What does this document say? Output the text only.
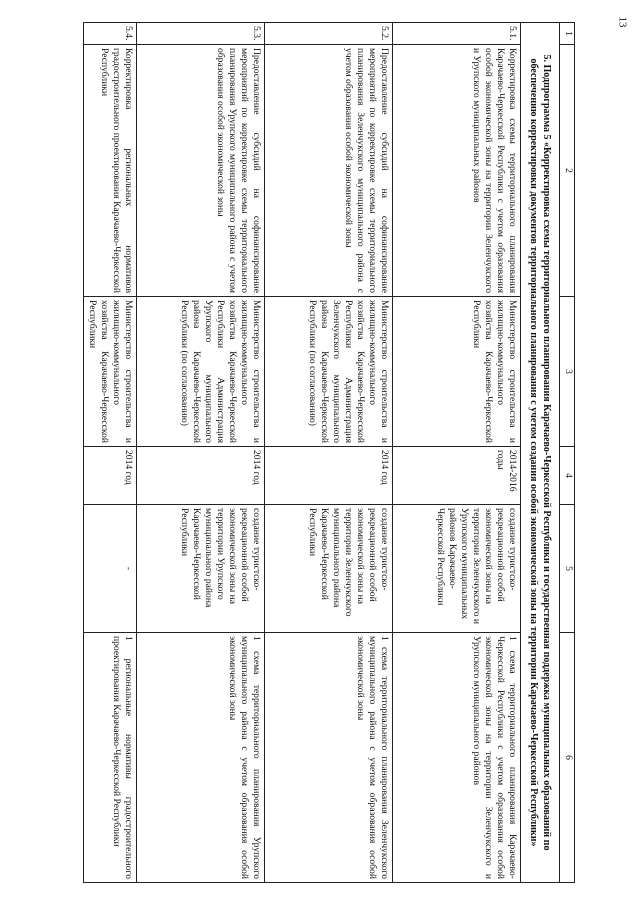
13
1	2	3	4	5	6
5. Подпрограмма 5 «Корректировка схемы территориального планирования Карачаево-Черкесской Республики и государственная поддержка муниципальных образований по обеспечению корректировки документов территориального планирования с учетом создания особой экономической зоны на территории Карачаево-Черкесской Республики»					
5.1.	Корректировка схемы территориального планирования Карачаево-Черкесской Республики с учетом образования особой экономической зоны на территории Зеленчукского и Урупского муниципальных районов	Министерство строительства и жилищно-коммунального хозяйства Карачаево-Черкесской Республики	2014-2016 годы	создание туристско-рекреационной особой экономической зоны на территории Зеленчукского и Урупского муниципальных районов Карачаево-Черкесской Республики	1 схема территориального планирования Карачаево-Черкесской Республики с учетом образования особой экономической зоны на территории Зеленчукского и Урупского муниципального районов
5.2.	Предоставление субсидий на софинансирование мероприятий по корректировке схемы территориального планирования Зеленчукского муниципального района с учетом образования особой экономической зоны	Министерство строительства и жилищно-коммунального хозяйства Карачаево-Черкесской Республики Администрация Зеленчукского муниципального района Карачаево-Черкесской Республики (по согласованию)	2014 год	создание туристско-рекреационной особой экономической зоны на территории Зеленчукского муниципального района Карачаево-Черкесской Республики	1 схема территориального планирования Зеленчукского муниципального района с учетом образования особой экономической зоны
5.3.	Предоставление субсидий на софинансирование мероприятий по корректировке схемы территориального планирования Урупского муниципального района с учетом образования особой экономической зоны	Министерство строительства и жилищно-коммунального хозяйства Карачаево-Черкесской Республики Администрация Урупского муниципального района Карачаево-Черкесской Республики (по согласованию)	2014 год	создание туристско-рекреационной особой экономической зоны на территории Урупского муниципального района Карачаево-Черкесской Республики	1 схема территориального планирования Урупского муниципального района с учетом образования особой экономической зоны
5.4.	Корректировка региональных нормативов градостроительного проектирования Карачаево-Черкесской Республики	Министерство строительства и жилищно-коммунального хозяйства Карачаево-Черкесской Республики	2014 год	-	1 региональные нормативы градостроительного проектирования Карачаево-Черкесской Республики
